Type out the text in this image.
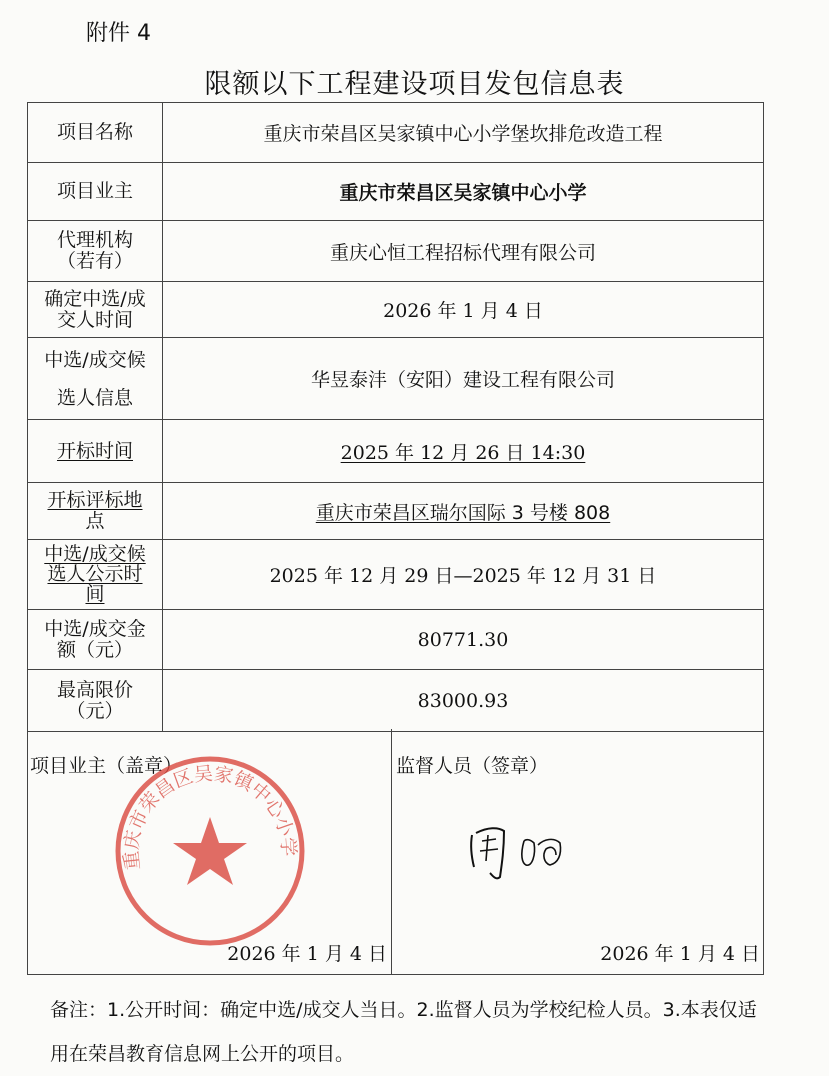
附件 4
限额以下工程建设项目发包信息表
项目名称	重庆市荣昌区吴家镇中心小学堡坎排危改造工程
项目业主	重庆市荣昌区吴家镇中心小学
代理机构
（若有）	重庆心恒工程招标代理有限公司
确定中选/成
交人时间	2026 年 1 月 4 日
中选/成交候
选人信息	华昱泰沣（安阳）建设工程有限公司
开标时间	2025 年 12 月 26 日 14:30
开标评标地
点	重庆市荣昌区瑞尔国际 3 号楼 808
中选/成交候
选人公示时
间	2025 年 12 月 29 日—2025 年 12 月 31 日
中选/成交金
额（元）	80771.30
最高限价
（元）	83000.93
项目业主（盖章）
重庆市荣昌区吴家镇中心小学
2026 年 1 月 4 日
监督人员（签章）
2026 年 1 月 4 日
备注：1.公开时间：确定中选/成交人当日。2.监督人员为学校纪检人员。3.本表仅适用在荣昌教育信息网上公开的项目。
